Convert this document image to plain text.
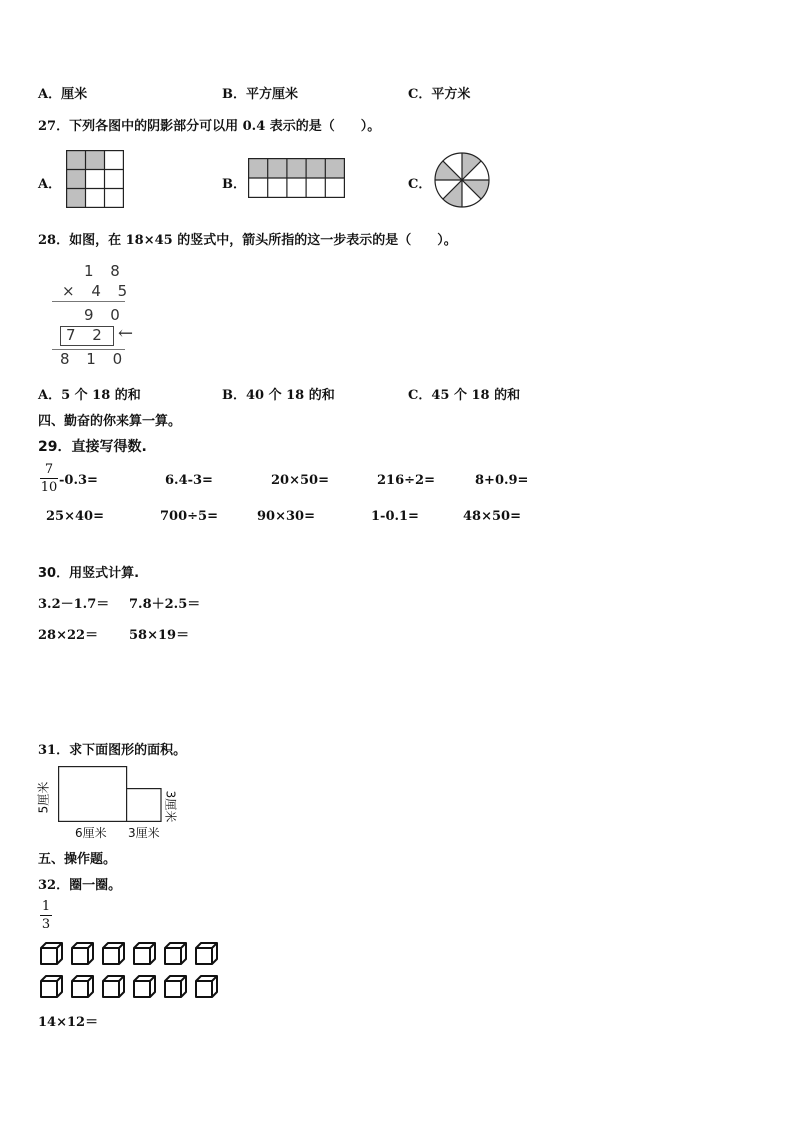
A．厘米	B．平方厘米	C．平方米
27．下列各图中的阴影部分可以用 0.4 表示的是（　　）。
A．	B．	C．
28．如图，在 18×45 的竖式中，箭头所指的这一步表示的是（　　）。
1 8
× 4 5
9 0
7 2 ←
8 1 0
A．5 个 18 的和	B．40 个 18 的和	C．45 个 18 的和
四、勤奋的你来算一算。
29．直接写得数.
7
10 -0.3=	6.4-3=	20×50=	216÷2=	8+0.9=
25×40=	700÷5=	90×30=	1-0.1=	48×50=
30．用竖式计算.
3.2－1.7＝ 7.8＋2.5＝
28×22＝ 58×19＝
31．求下面图形的面积。
5厘米
6厘米 3厘米
3厘米
五、操作题。
32．圈一圈。
1
3
14×12＝
